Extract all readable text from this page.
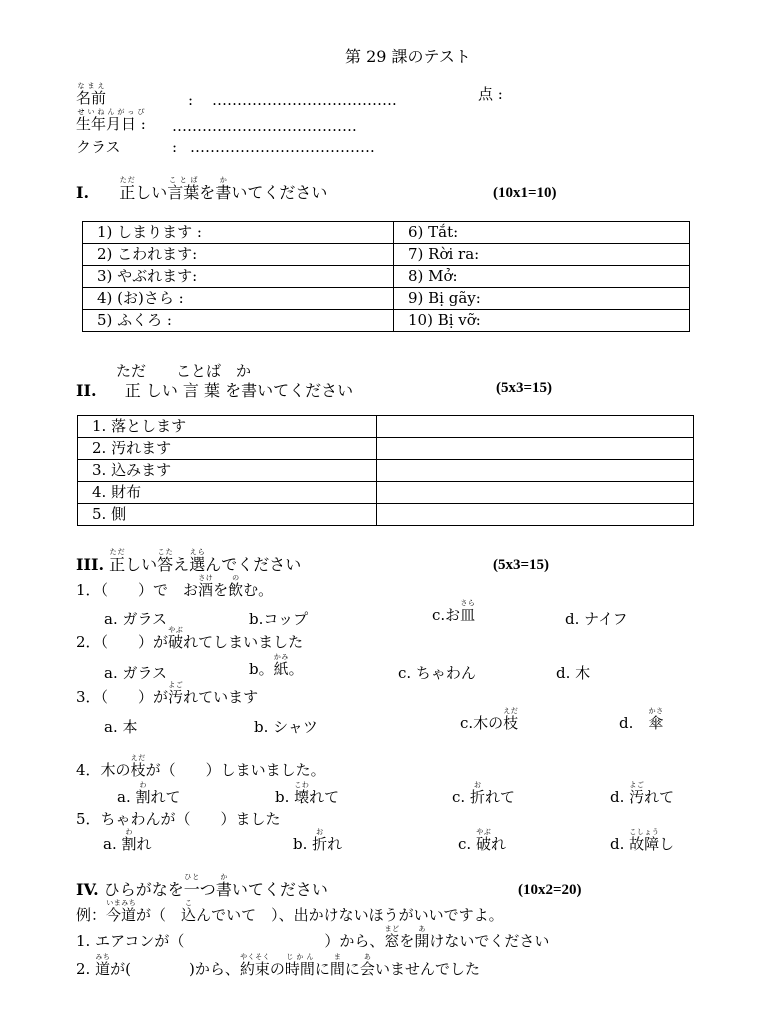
第 29 課のテスト
名前なまえ
: ……………………………….	点 :
生年月日 :せいねんがっぴ
……………………………….
クラス	: ……………………………….
I. 正ただしい言葉ことばを書かいてください	(10x1=10)
1) しまります :	6) Tắt:
2) こわれます:	7) Rời ra:
3) やぶれます:	8) Mở:
4) (お)さら :	9) Bị gãy:
5) ふくろ :	10) Bị vỡ:
ただ　　ことば　か
II. 正 しい 言 葉 を書いてください	(5x3=15)
1. 落とします	
2. 汚れます	
3. 込みます	
4. 財布	
5. 側	
III. 正ただしい答こたえ選えらんでください	(5x3=15)
1．（　　）で　お酒さけを飲のむ。
a. ガラス	b.コップ	c.お皿さら
d. ナイフ
2．（　　）が破やぶれてしまいました
a. ガラス	b。紙かみ。	c. ちゃわん	d. 木
3．（　　）が汚よごれています
a. 本	b. シャツ	c.木の枝えだ
d.　傘かさ
4．木の枝えだが（　　）しまいました。
a. 割われて	b. 壊こわれて	c. 折おれて	d. 汚よごれて
5．ちゃわんが（　　）ました
a. 割われ	b. 折おれ	c. 破やぶれ	d. 故障こしょうし
IV. ひらがなを一ひとつ書かいてください	(10x2=20)
例：今道いまみちが（　込こんでいて　）、出かけないほうがいいですよ。
1. エアコンが（	）から、窓まどを開あけないでください
2. 道みちが(	)から、約束やくそくの時間じかんに間まに会あいませんでした
